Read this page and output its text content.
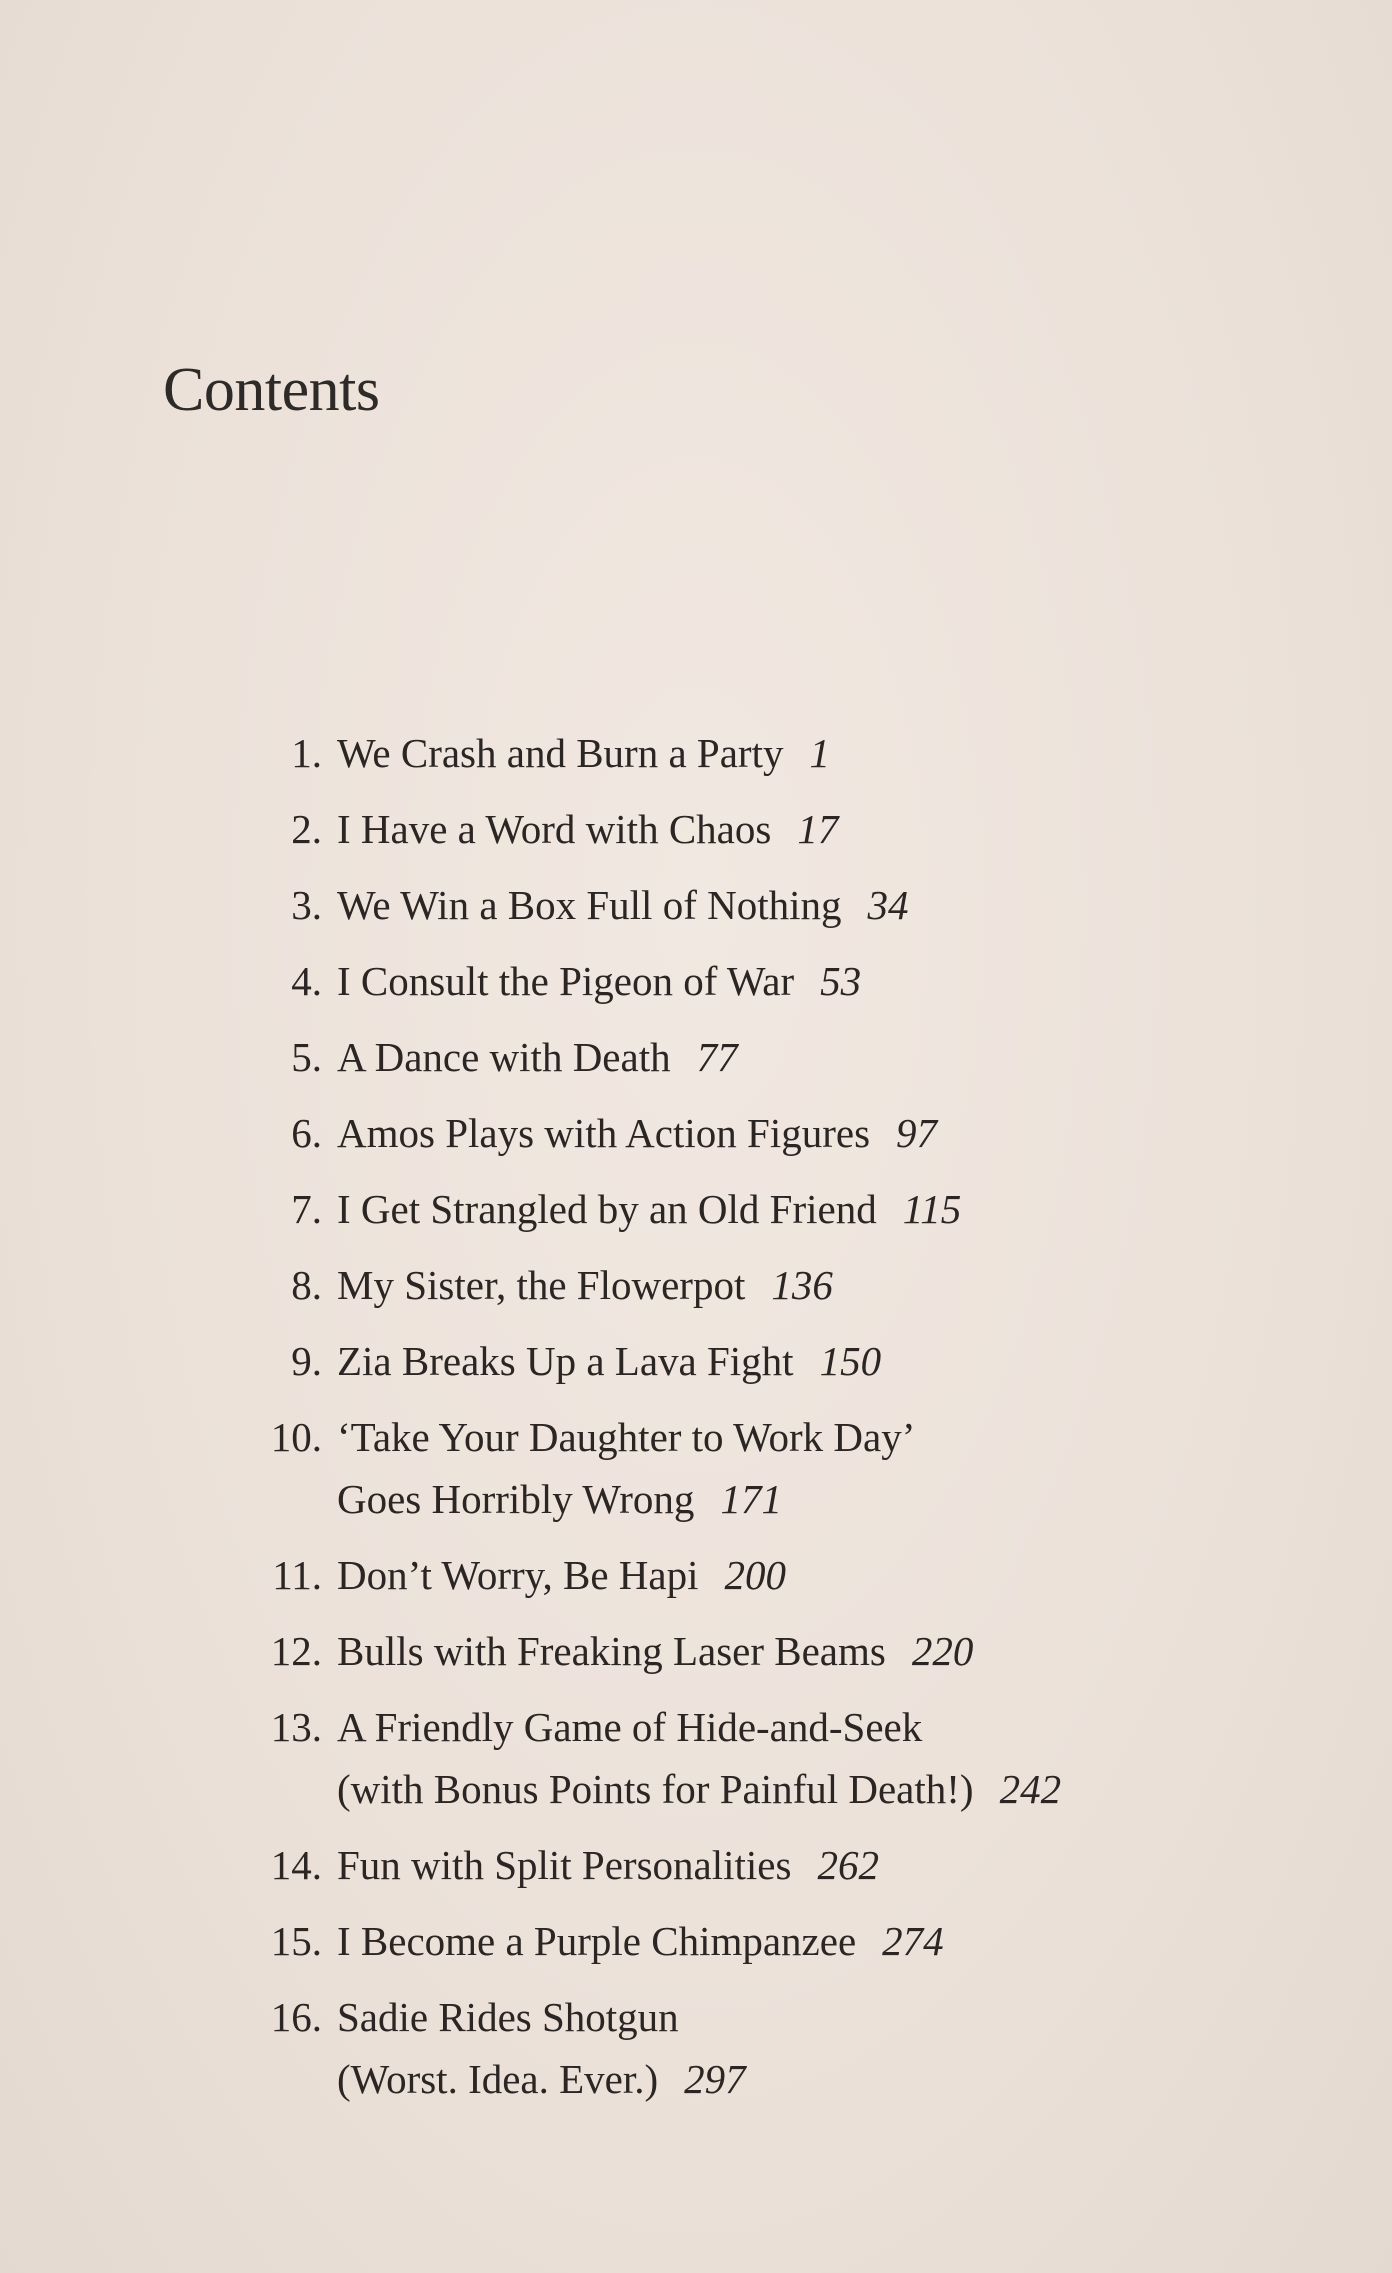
Contents
1. We Crash and Burn a Party 1
2. I Have a Word with Chaos 17
3. We Win a Box Full of Nothing 34
4. I Consult the Pigeon of War 53
5. A Dance with Death 77
6. Amos Plays with Action Figures 97
7. I Get Strangled by an Old Friend 115
8. My Sister, the Flowerpot 136
9. Zia Breaks Up a Lava Fight 150
10. ‘Take Your Daughter to Work Day’
Goes Horribly Wrong 171
11. Don’t Worry, Be Hapi 200
12. Bulls with Freaking Laser Beams 220
13. A Friendly Game of Hide-and-Seek
(with Bonus Points for Painful Death!) 242
14. Fun with Split Personalities 262
15. I Become a Purple Chimpanzee 274
16. Sadie Rides Shotgun
(Worst. Idea. Ever.) 297
